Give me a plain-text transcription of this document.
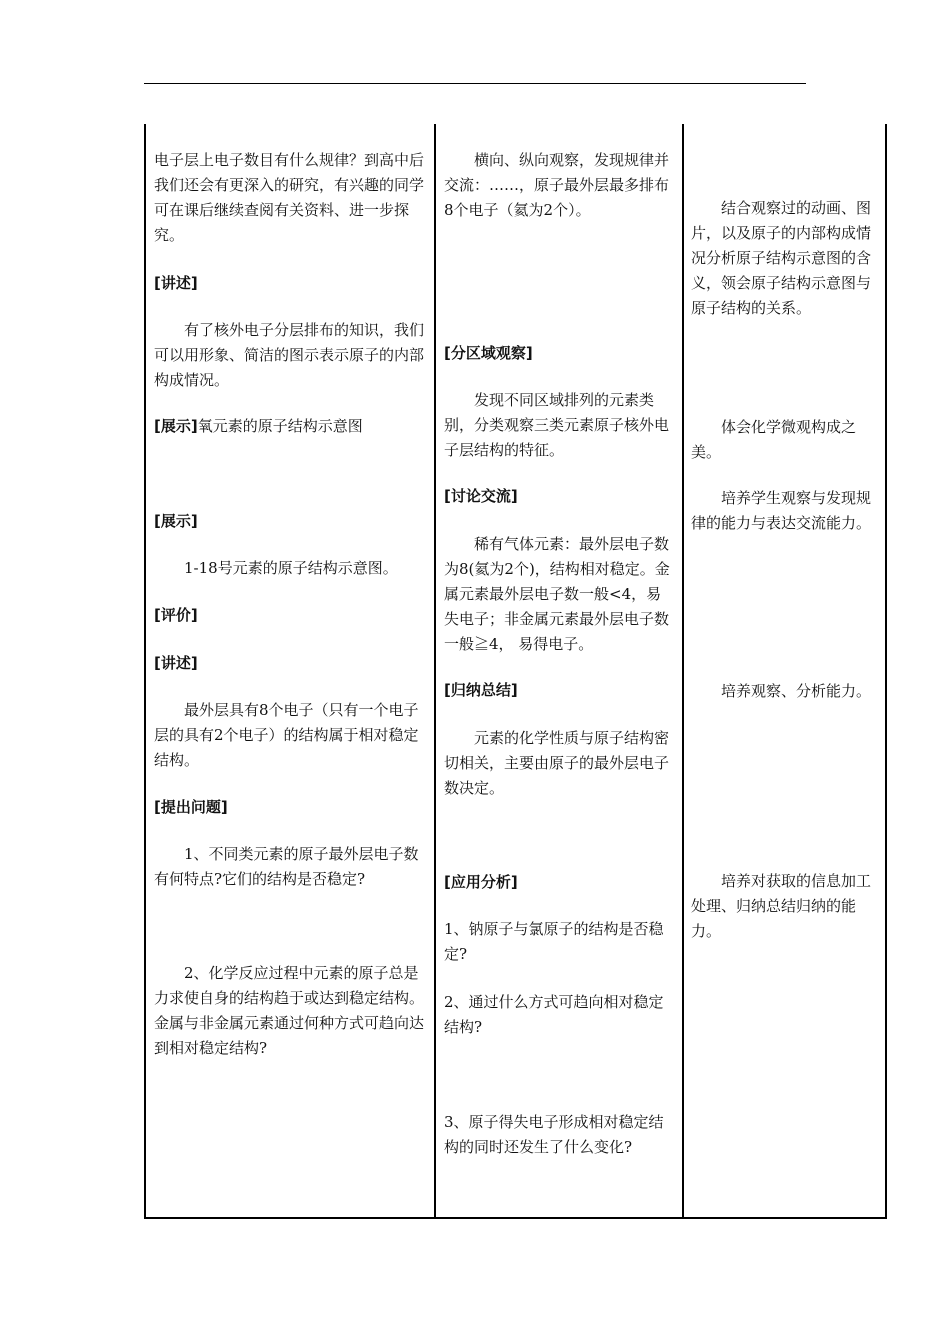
电子层上电子数目有什么规律？到高中后我们还会有更深入的研究，有兴趣的同学可在课后继续查阅有关资料、进一步探究。
[讲述]
有了核外电子分层排布的知识，我们可以用形象、简洁的图示表示原子的内部构成情况。
[展示]氧元素的原子结构示意图
[展示]
1-18号元素的原子结构示意图。
[评价]
[讲述]
最外层具有8个电子（只有一个电子层的具有2个电子）的结构属于相对稳定结构。
[提出问题]
1、不同类元素的原子最外层电子数有何特点?它们的结构是否稳定?
2、化学反应过程中元素的原子总是力求使自身的结构趋于或达到稳定结构。金属与非金属元素通过何种方式可趋向达到相对稳定结构?
横向、纵向观察，发现规律并交流：……，原子最外层最多排布8个电子（氦为2个）。
[分区域观察]
发现不同区域排列的元素类别，分类观察三类元素原子核外电子层结构的特征。
[讨论交流]
稀有气体元素：最外层电子数为8(氦为2个)，结构相对稳定。金属元素最外层电子数一般<4，易失电子；非金属元素最外层电子数一般≧4， 易得电子。
[归纳总结]
元素的化学性质与原子结构密切相关，主要由原子的最外层电子数决定。
[应用分析]
1、钠原子与氯原子的结构是否稳定?
2、通过什么方式可趋向相对稳定结构?
3、原子得失电子形成相对稳定结构的同时还发生了什么变化?
结合观察过的动画、图片，以及原子的内部构成情况分析原子结构示意图的含义，领会原子结构示意图与原子结构的关系。
体会化学微观构成之美。
培养学生观察与发现规律的能力与表达交流能力。
培养观察、分析能力。
培养对获取的信息加工处理、归纳总结归纳的能力。
